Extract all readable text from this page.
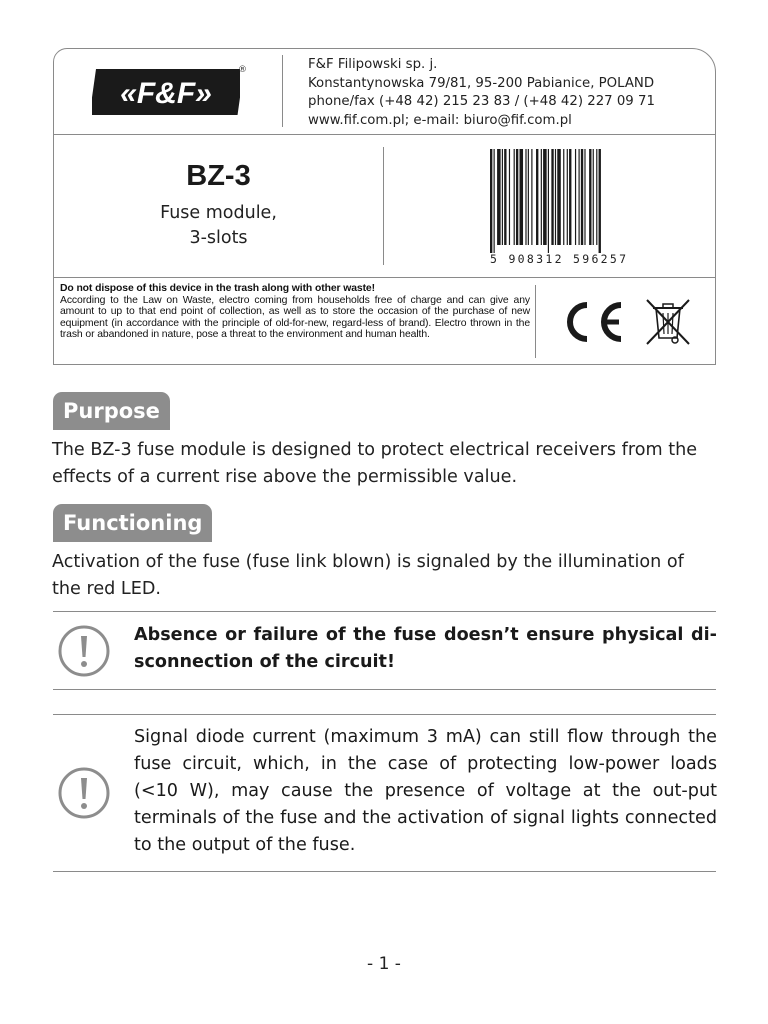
«F&F»
®	F&F Filipowski sp. j.
Konstantynowska 79/81, 95-200 Pabianice, POLAND
phone/fax (+48 42) 215 23 83 / (+48 42) 227 09 71
www.fif.com.pl; e-mail: biuro@fif.com.pl
BZ-3
Fuse module,
3-slots
5 908312 596257
Do not dispose of this device in the trash along with other waste!
According to the Law on Waste, electro coming from households free of charge and can give any amount to up to that end point of collection, as well as to store the occasion of the purchase of new equipment (in accordance with the principle of old-for-new, regard-less of brand). Electro thrown in the trash or abandoned in nature, pose a threat to the environment and human health.
Purpose
The BZ-3 fuse module is designed to protect electrical receivers from the effects of a current rise above the permissible value.
Functioning
Activation of the fuse (fuse link blown) is signaled by the illumination of the red LED.
Absence or failure of the fuse doesn’t ensure physical di-sconnection of the circuit!
Signal diode current (maximum 3 mA) can still flow through the fuse circuit, which, in the case of protecting low-power loads (<10 W), may cause the presence of voltage at the out-put terminals of the fuse and the activation of signal lights connected to the output of the fuse.
- 1 -
